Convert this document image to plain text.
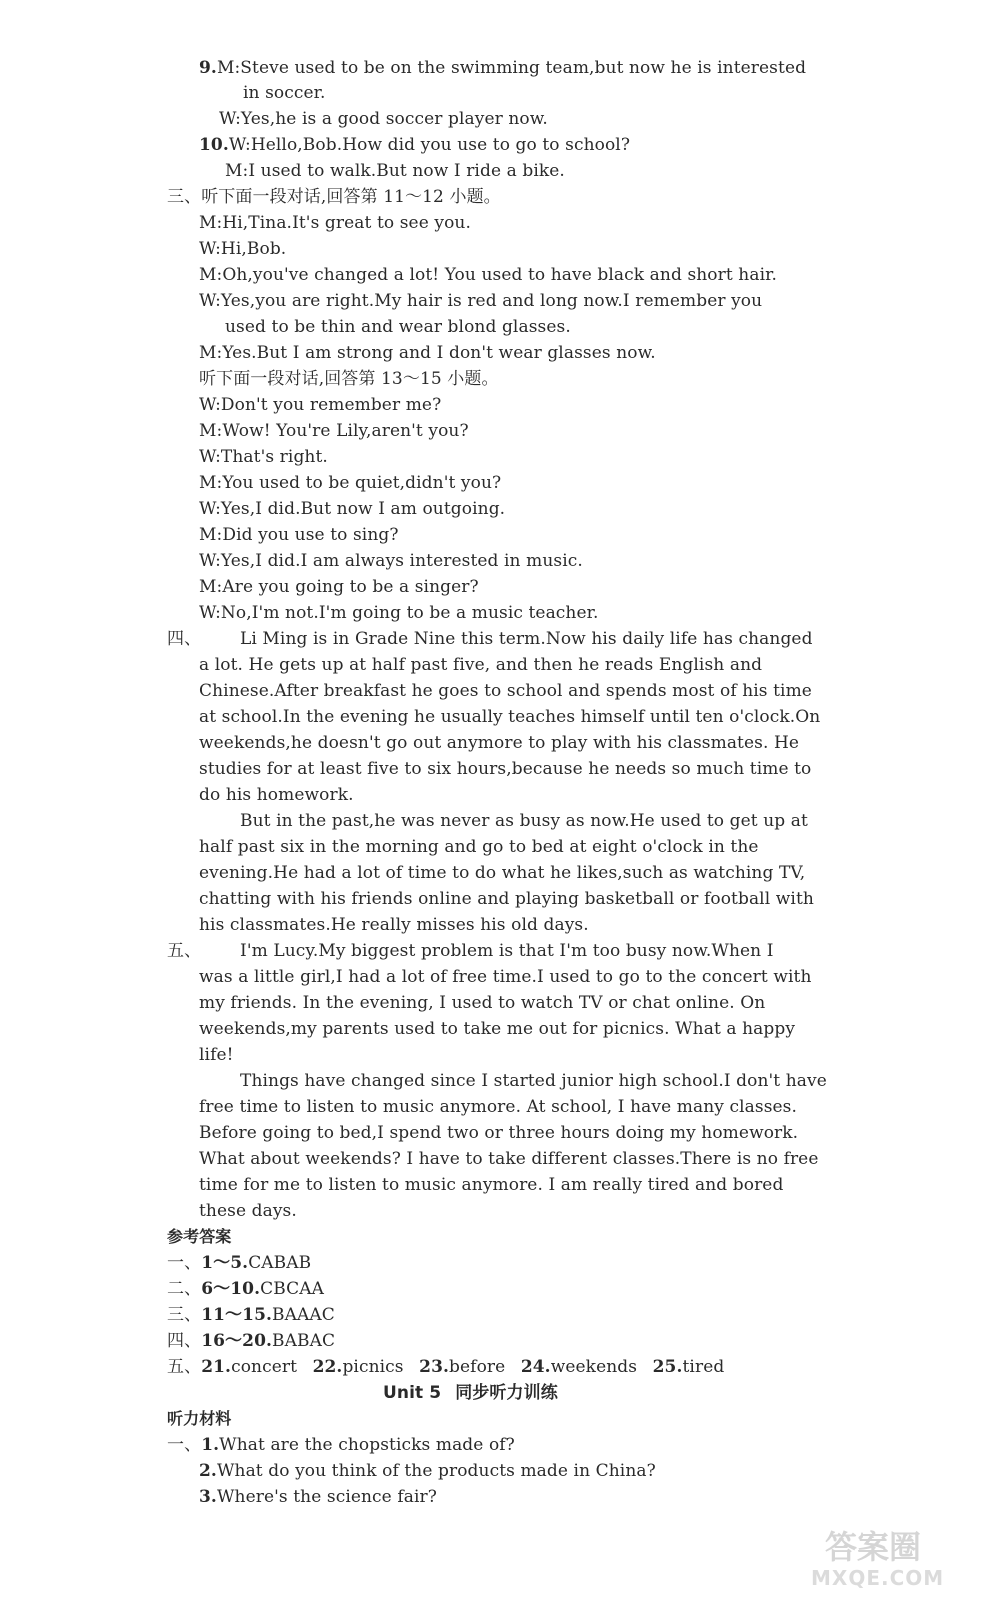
9.M:Steve used to be on the swimming team,but now he is interested
in soccer.
W:Yes,he is a good soccer player now.
10.W:Hello,Bob.How did you use to go to school?
M:I used to walk.But now I ride a bike.
三、听下面一段对话,回答第 11～12 小题。
M:Hi,Tina.It's great to see you.
W:Hi,Bob.
M:Oh,you've changed a lot! You used to have black and short hair.
W:Yes,you are right.My hair is red and long now.I remember you
used to be thin and wear blond glasses.
M:Yes.But I am strong and I don't wear glasses now.
听下面一段对话,回答第 13～15 小题。
W:Don't you remember me?
M:Wow! You're Lily,aren't you?
W:That's right.
M:You used to be quiet,didn't you?
W:Yes,I did.But now I am outgoing.
M:Did you use to sing?
W:Yes,I did.I am always interested in music.
M:Are you going to be a singer?
W:No,I'm not.I'm going to be a music teacher.
四、 Li Ming is in Grade Nine this term.Now his daily life has changed
a lot. He gets up at half past five, and then he reads English and
Chinese.After breakfast he goes to school and spends most of his time
at school.In the evening he usually teaches himself until ten o'clock.On
weekends,he doesn't go out anymore to play with his classmates. He
studies for at least five to six hours,because he needs so much time to
do his homework.
But in the past,he was never as busy as now.He used to get up at
half past six in the morning and go to bed at eight o'clock in the
evening.He had a lot of time to do what he likes,such as watching TV,
chatting with his friends online and playing basketball or football with
his classmates.He really misses his old days.
五、 I'm Lucy.My biggest problem is that I'm too busy now.When I
was a little girl,I had a lot of free time.I used to go to the concert with
my friends. In the evening, I used to watch TV or chat online. On
weekends,my parents used to take me out for picnics. What a happy
life!
Things have changed since I started junior high school.I don't have
free time to listen to music anymore. At school, I have many classes.
Before going to bed,I spend two or three hours doing my homework.
What about weekends? I have to take different classes.There is no free
time for me to listen to music anymore. I am really tired and bored
these days.
参考答案
一、1～5.CABAB
二、6～10.CBCAA
三、11～15.BAAAC
四、16～20.BABAC
五、21.concert 22.picnics 23.before 24.weekends 25.tired
Unit 5 同步听力训练
听力材料
一、1.What are the chopsticks made of?
2.What do you think of the products made in China?
3.Where's the science fair?
答案圈
MXQE.COM
